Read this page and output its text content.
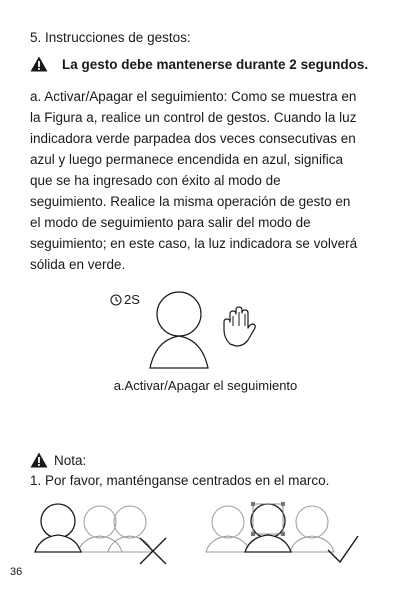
5. Instrucciones de gestos:
La gesto debe mantenerse durante 2 segundos.
a. Activar/Apagar el seguimiento: Como se muestra en
la Figura a, realice un control de gestos. Cuando la luz
indicadora verde parpadea dos veces consecutivas en
azul y luego permanece encendida en azul, significa
que se ha ingresado con éxito al modo de
seguimiento. Realice la misma operación de gesto en
el modo de seguimiento para salir del modo de
seguimiento; en este caso, la luz indicadora se volverá
sólida en verde.
2S
a.Activar/Apagar el seguimiento
Nota:
1. Por favor, manténganse centrados en el marco.
36
